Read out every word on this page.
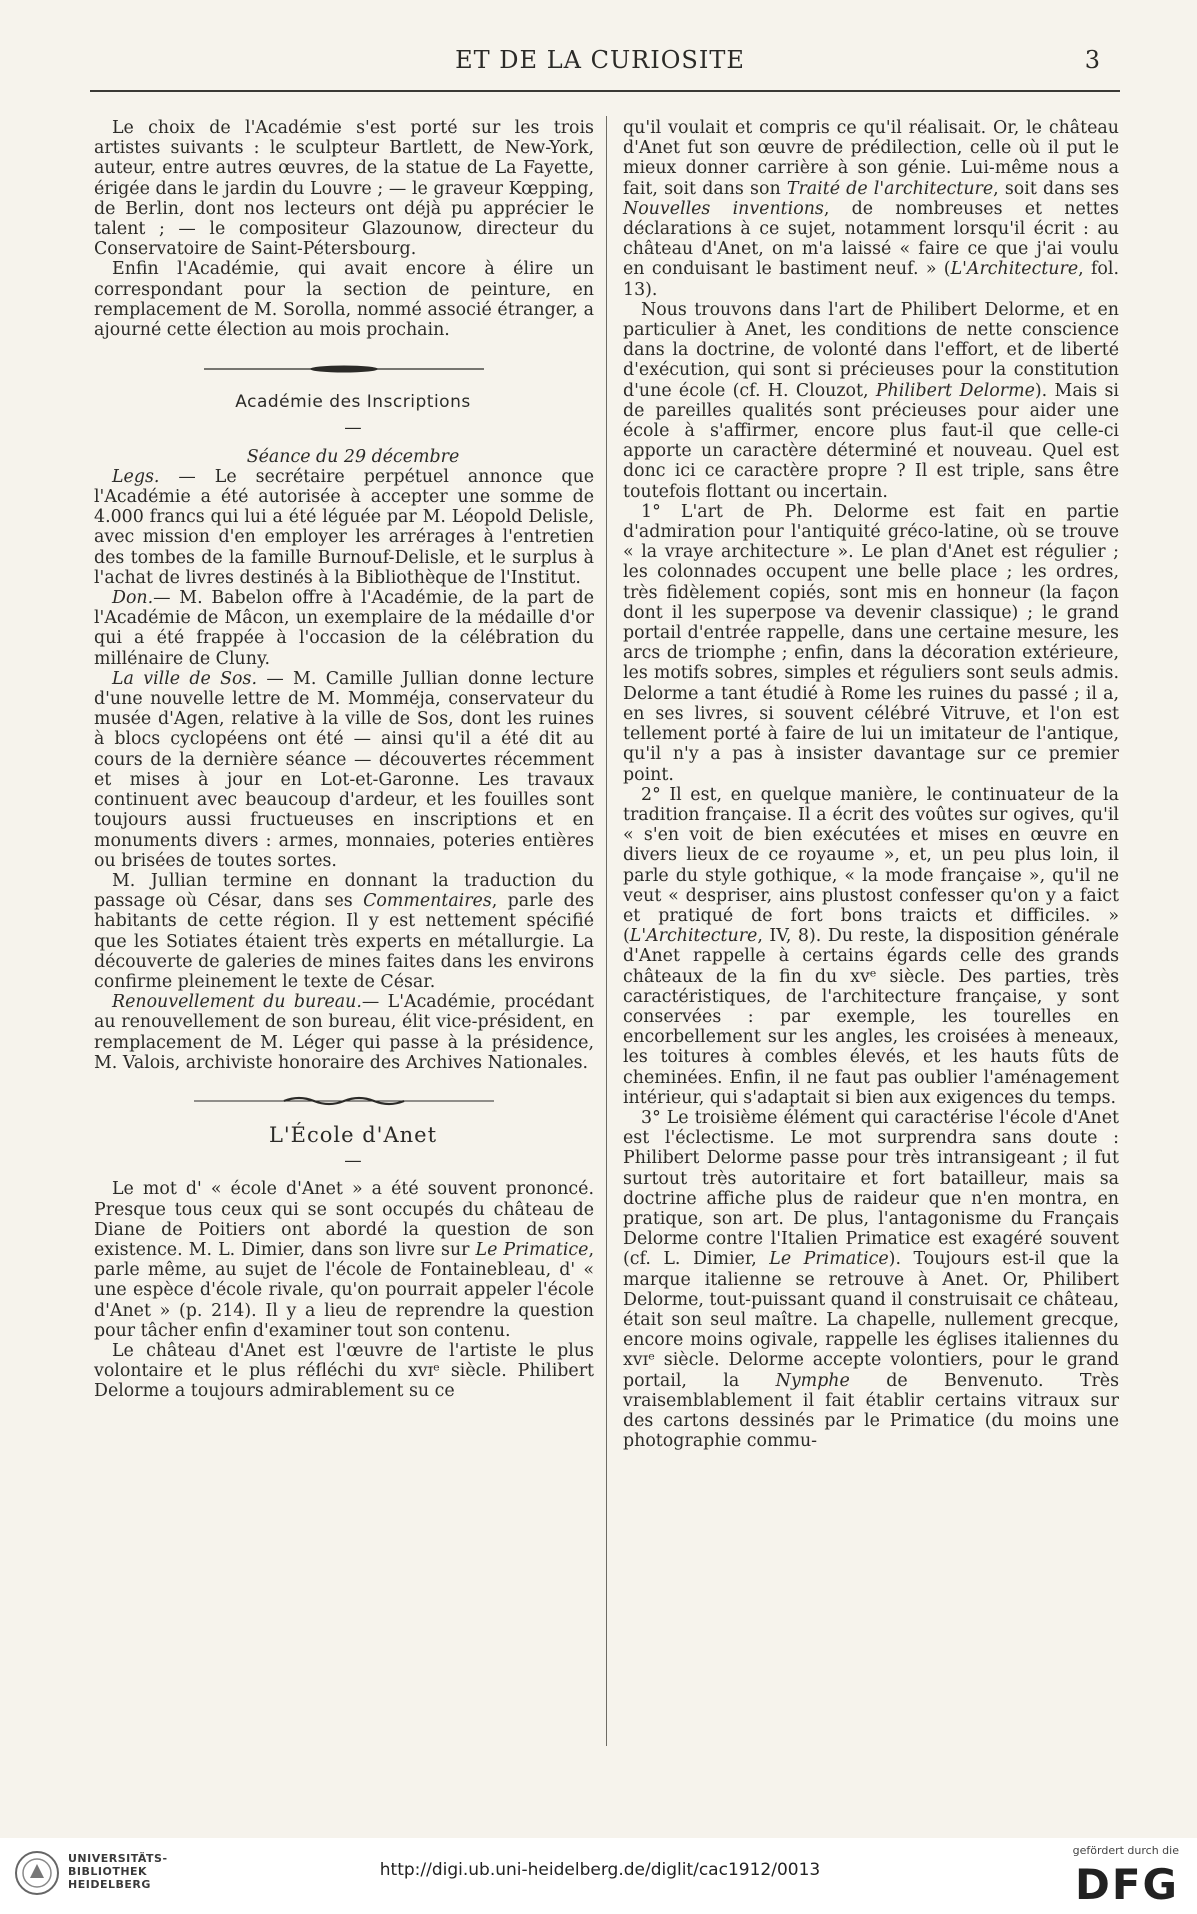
ET DE LA CURIOSITE	3

Le choix de l'Académie s'est porté sur les trois artistes suivants : le sculpteur Bartlett, de New-York, auteur, entre autres œuvres, de la statue de La Fayette, érigée dans le jardin du Louvre ; — le graveur Kœpping, de Berlin, dont nos lecteurs ont déjà pu apprécier le talent ; — le compositeur Glazounow, directeur du Conservatoire de Saint-Pétersbourg.

Enfin l'Académie, qui avait encore à élire un correspondant pour la section de peinture, en remplacement de M. Sorolla, nommé associé étranger, a ajourné cette élection au mois prochain.

Académie des Inscriptions

—

Séance du 29 décembre

Legs. — Le secrétaire perpétuel annonce que l'Académie a été autorisée à accepter une somme de 4.000 francs qui lui a été léguée par M. Léopold Delisle, avec mission d'en employer les arrérages à l'entretien des tombes de la famille Burnouf-Delisle, et le surplus à l'achat de livres destinés à la Bibliothèque de l'Institut.

Don.— M. Babelon offre à l'Académie, de la part de l'Académie de Mâcon, un exemplaire de la médaille d'or qui a été frappée à l'occasion de la célébration du millénaire de Cluny.

La ville de Sos. — M. Camille Jullian donne lecture d'une nouvelle lettre de M. Momméja, conservateur du musée d'Agen, relative à la ville de Sos, dont les ruines à blocs cyclopéens ont été — ainsi qu'il a été dit au cours de la dernière séance — découvertes récemment et mises à jour en Lot-et-Garonne. Les travaux continuent avec beaucoup d'ardeur, et les fouilles sont toujours aussi fructueuses en inscriptions et en monuments divers : armes, monnaies, poteries entières ou brisées de toutes sortes.

M. Jullian termine en donnant la traduction du passage où César, dans ses Commentaires, parle des habitants de cette région. Il y est nettement spécifié que les Sotiates étaient très experts en métallurgie. La découverte de galeries de mines faites dans les environs confirme pleinement le texte de César.

Renouvellement du bureau.— L'Académie, procédant au renouvellement de son bureau, élit vice-président, en remplacement de M. Léger qui passe à la présidence, M. Valois, archiviste honoraire des Archives Nationales.

L'École d'Anet

—

Le mot d' « école d'Anet » a été souvent prononcé. Presque tous ceux qui se sont occupés du château de Diane de Poitiers ont abordé la question de son existence. M. L. Dimier, dans son livre sur Le Primatice, parle même, au sujet de l'école de Fontainebleau, d' « une espèce d'école rivale, qu'on pourrait appeler l'école d'Anet » (p. 214). Il y a lieu de reprendre la question pour tâcher enfin d'examiner tout son contenu.

Le château d'Anet est l'œuvre de l'artiste le plus volontaire et le plus réfléchi du xvɪᵉ siècle. Philibert Delorme a toujours admirablement su ce

qu'il voulait et compris ce qu'il réalisait. Or, le château d'Anet fut son œuvre de prédilection, celle où il put le mieux donner carrière à son génie. Lui-même nous a fait, soit dans son Traité de l'architecture, soit dans ses Nouvelles inventions, de nombreuses et nettes déclarations à ce sujet, notamment lorsqu'il écrit : au château d'Anet, on m'a laissé « faire ce que j'ai voulu en conduisant le bastiment neuf. » (L'Architecture, fol. 13).

Nous trouvons dans l'art de Philibert Delorme, et en particulier à Anet, les conditions de nette conscience dans la doctrine, de volonté dans l'effort, et de liberté d'exécution, qui sont si précieuses pour la constitution d'une école (cf. H. Clouzot, Philibert Delorme). Mais si de pareilles qualités sont précieuses pour aider une école à s'affirmer, encore plus faut-il que celle-ci apporte un caractère déterminé et nouveau. Quel est donc ici ce caractère propre ? Il est triple, sans être toutefois flottant ou incertain.

1° L'art de Ph. Delorme est fait en partie d'admiration pour l'antiquité gréco-latine, où se trouve « la vraye architecture ». Le plan d'Anet est régulier ; les colonnades occupent une belle place ; les ordres, très fidèlement copiés, sont mis en honneur (la façon dont il les superpose va devenir classique) ; le grand portail d'entrée rappelle, dans une certaine mesure, les arcs de triomphe ; enfin, dans la décoration extérieure, les motifs sobres, simples et réguliers sont seuls admis. Delorme a tant étudié à Rome les ruines du passé ; il a, en ses livres, si souvent célébré Vitruve, et l'on est tellement porté à faire de lui un imitateur de l'antique, qu'il n'y a pas à insister davantage sur ce premier point.

2° Il est, en quelque manière, le continuateur de la tradition française. Il a écrit des voûtes sur ogives, qu'il « s'en voit de bien exécutées et mises en œuvre en divers lieux de ce royaume », et, un peu plus loin, il parle du style gothique, « la mode française », qu'il ne veut « despriser, ains plustost confesser qu'on y a faict et pratiqué de fort bons traicts et difficiles. » (L'Architecture, IV, 8). Du reste, la disposition générale d'Anet rappelle à certains égards celle des grands châteaux de la fin du xvᵉ siècle. Des parties, très caractéristiques, de l'architecture française, y sont conservées : par exemple, les tourelles en encorbellement sur les angles, les croisées à meneaux, les toitures à combles élevés, et les hauts fûts de cheminées. Enfin, il ne faut pas oublier l'aménagement intérieur, qui s'adaptait si bien aux exigences du temps.

3° Le troisième élément qui caractérise l'école d'Anet est l'éclectisme. Le mot surprendra sans doute : Philibert Delorme passe pour très intransigeant ; il fut surtout très autoritaire et fort batailleur, mais sa doctrine affiche plus de raideur que n'en montra, en pratique, son art. De plus, l'antagonisme du Français Delorme contre l'Italien Primatice est exagéré souvent (cf. L. Dimier, Le Primatice). Toujours est-il que la marque italienne se retrouve à Anet. Or, Philibert Delorme, tout-puissant quand il construisait ce château, était son seul maître. La chapelle, nullement grecque, encore moins ogivale, rappelle les églises italiennes du xvɪᵉ siècle. Delorme accepte volontiers, pour le grand portail, la Nymphe de Benvenuto. Très vraisemblablement il fait établir certains vitraux sur des cartons dessinés par le Primatice (du moins une photographie commu-

UNIVERSITÄTS-
BIBLIOTHEK
HEIDELBERG
http://digi.ub.uni-heidelberg.de/diglit/cac1912/0013
gefördert durch die
DFG
